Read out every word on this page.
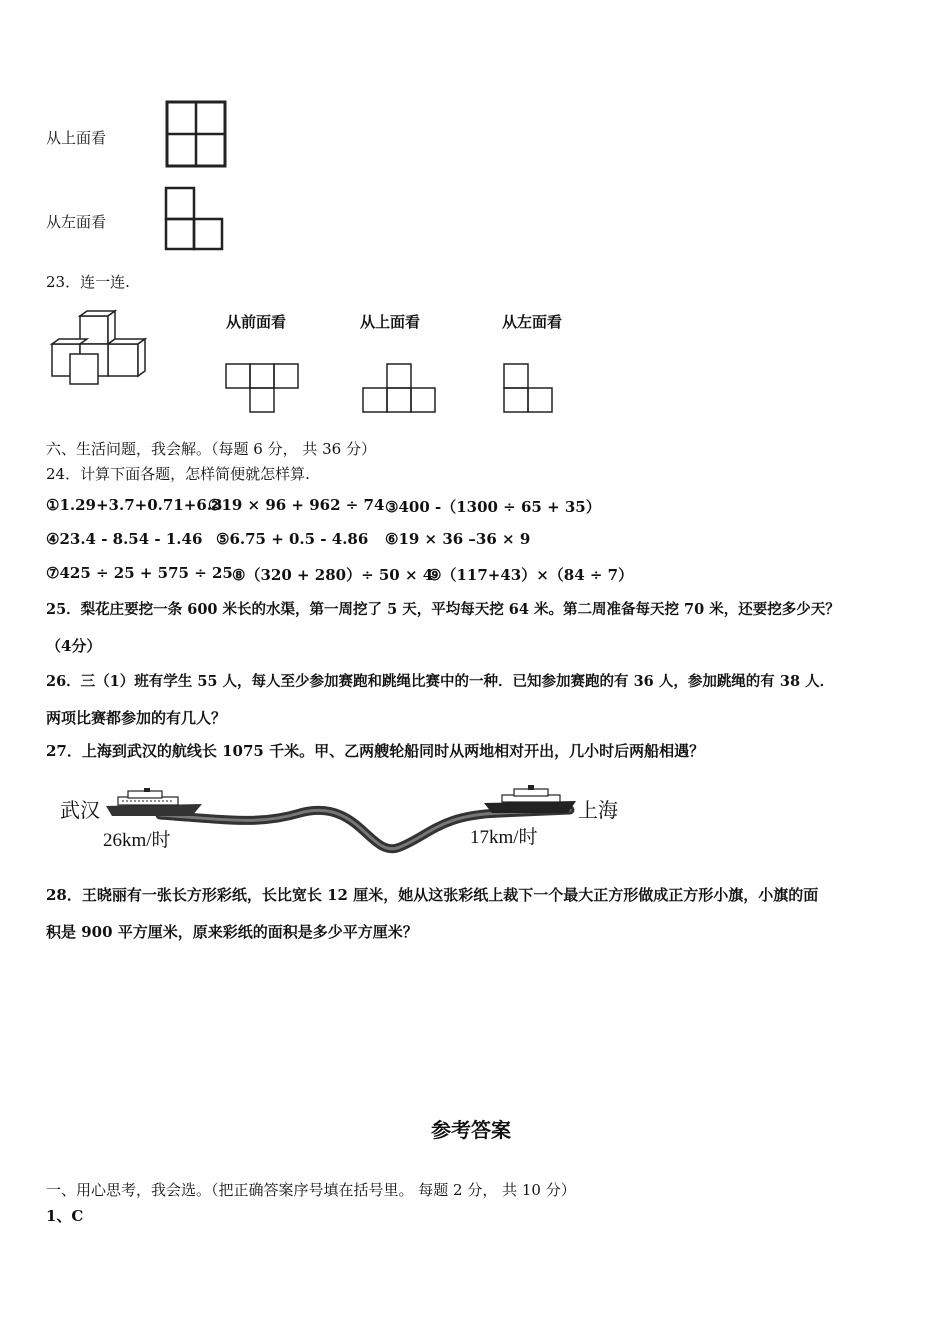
从上面看
从左面看
23．连一连.
从前面看	从上面看	从左面看
六、生活问题，我会解。（每题 6 分， 共 36 分）
24．计算下面各题，怎样简便就怎样算.
①1.29+3.7+0.71+6.3
②19 × 96 + 962 ÷ 74 ③400 -（1300 ÷ 65 + 35）
④23.4 - 8.54 - 1.46 ⑤6.75 + 0.5 - 4.86 ⑥19 × 36 –36 × 9
⑦425 ÷ 25 + 575 ÷ 25 ⑧（320 + 280）÷ 50 × 4
⑨（117+43）×（84 ÷ 7）
25．梨花庄要挖一条 600 米长的水渠，第一周挖了 5 天，平均每天挖 64 米。第二周准备每天挖 70 米，还要挖多少天？
（4分）
26．三（1）班有学生 55 人，每人至少参加赛跑和跳绳比赛中的一种．已知参加赛跑的有 36 人，参加跳绳的有 38 人．
两项比赛都参加的有几人？
27．上海到武汉的航线长 1075 千米。甲、乙两艘轮船同时从两地相对开出，几小时后两船相遇？
武汉	上海
26km/时	17km/时
28．王晓丽有一张长方形彩纸，长比宽长 12 厘米，她从这张彩纸上裁下一个最大正方形做成正方形小旗，小旗的面
积是 900 平方厘米，原来彩纸的面积是多少平方厘米？
参考答案
一、用心思考，我会选。（把正确答案序号填在括号里。 每题 2 分， 共 10 分）
1、C
